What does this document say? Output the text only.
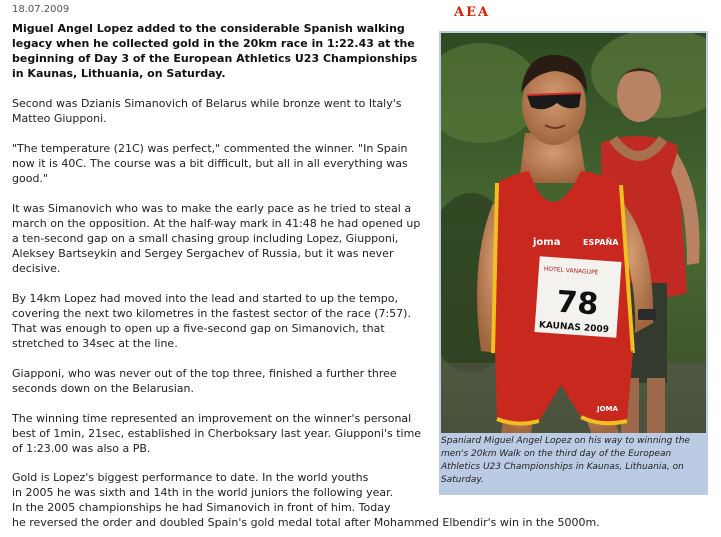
18.07.2009	AEA

Miguel Angel Lopez added to the considerable Spanish walking legacy when he collected gold in the 20km race in 1:22.43 at the beginning of Day 3 of the European Athletics U23 Championships in Kaunas, Lithuania, on Saturday.

Second was Dzianis Simanovich of Belarus while bronze went to Italy's Matteo Giupponi.

"The temperature (21C) was perfect," commented the winner. "In Spain now it is 40C. The course was a bit difficult, but all in all everything was good."

It was Simanovich who was to make the early pace as he tried to steal a march on the opposition. At the half-way mark in 41:48 he had opened up a ten-second gap on a small chasing group including Lopez, Giupponi, Aleksey Bartseykin and Sergey Sergachev of Russia, but it was never decisive.

By 14km Lopez had moved into the lead and started to up the tempo, covering the next two kilometres in the fastest sector of the race (7:57). That was enough to open up a five-second gap on Simanovich, that stretched to 34sec at the line.

Giapponi, who was never out of the top three, finished a further three seconds down on the Belarusian.

The winning time represented an improvement on the winner's personal best of 1min, 21sec, established in Cherboksary last year. Giupponi's time of 1:23.00 was also a PB.

Gold is Lopez's biggest performance to date. In the world youths
in 2005 he was sixth and 14th in the world juniors the following year.
In the 2005 championships he had Simanovich in front of him. Today
he reversed the order and doubled Spain's gold medal total after Mohammed Elbendir's win in the 5000m.

joma	ESPAÑA
HOTEL VANAGUPĖ
78
KAUNAS 2009
JOMA
Spaniard Miguel Angel Lopez on his way to winning the men's 20km Walk on the third day of the European Athletics U23 Championships in Kaunas, Lithuania, on Saturday.
